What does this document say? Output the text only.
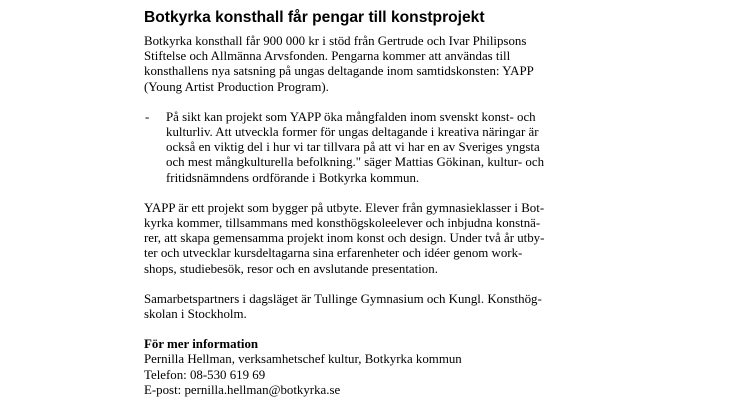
Botkyrka konsthall får pengar till konstprojekt
Botkyrka konsthall får 900 000 kr i stöd från Gertrude och Ivar Philipsons
Stiftelse och Allmänna Arvsfonden. Pengarna kommer att användas till
konsthallens nya satsning på ungas deltagande inom samtidskonsten: YAPP
(Young Artist Production Program).
- På sikt kan projekt som YAPP öka mångfalden inom svenskt konst- och
kulturliv. Att utveckla former för ungas deltagande i kreativa näringar är
också en viktig del i hur vi tar tillvara på att vi har en av Sveriges yngsta
och mest mångkulturella befolkning." säger Mattias Gökinan, kultur- och
fritidsnämndens ordförande i Botkyrka kommun.
YAPP är ett projekt som bygger på utbyte. Elever från gymnasieklasser i Bot-
kyrka kommer, tillsammans med konsthögskoleelever och inbjudna konstnä-
rer, att skapa gemensamma projekt inom konst och design. Under två år utby-
ter och utvecklar kursdeltagarna sina erfarenheter och idéer genom work-
shops, studiebesök, resor och en avslutande presentation.
Samarbetspartners i dagsläget är Tullinge Gymnasium och Kungl. Konsthög-
skolan i Stockholm.
För mer information
Pernilla Hellman, verksamhetschef kultur, Botkyrka kommun
Telefon: 08-530 619 69
E-post: pernilla.hellman@botkyrka.se
